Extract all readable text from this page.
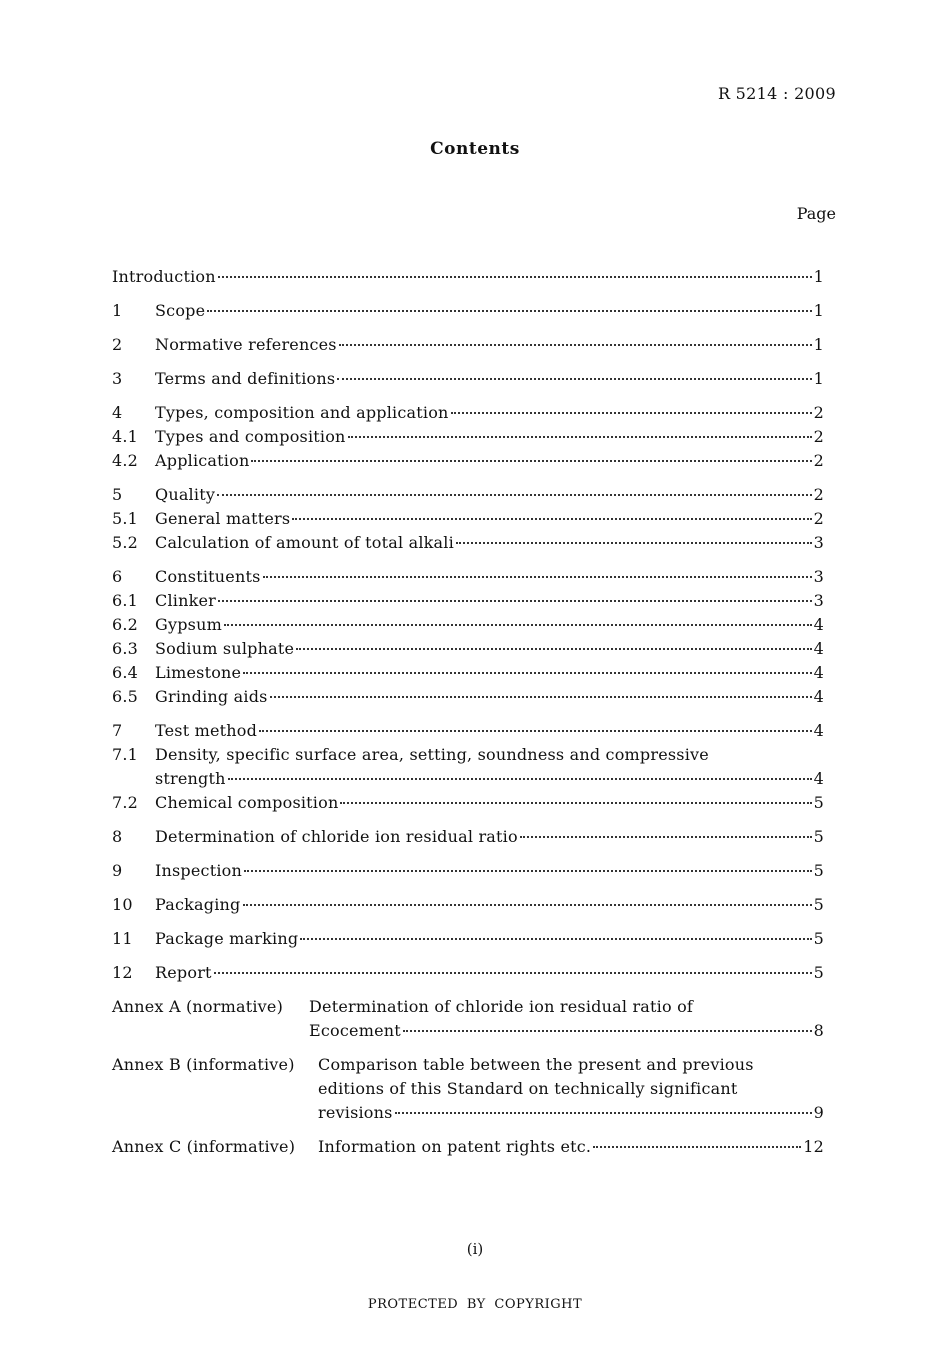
R 5214 : 2009
Contents
Page
Introduction	1
1 Scope	1
2 Normative references	1
3 Terms and definitions	1
4 Types, composition and application	2
4.1 Types and composition	2
4.2 Application	2
5 Quality	2
5.1 General matters	2
5.2 Calculation of amount of total alkali	3
6 Constituents	3
6.1 Clinker	3
6.2 Gypsum	4
6.3 Sodium sulphate	4
6.4 Limestone	4
6.5 Grinding aids	4
7 Test method	4
7.1 Density, specific surface area, setting, soundness and compressive
strength	4
7.2 Chemical composition	5
8 Determination of chloride ion residual ratio	5
9 Inspection	5
10 Packaging	5
11 Package marking	5
12 Report	5
Annex A (normative) Determination of chloride ion residual ratio of
Ecocement	8
Annex B (informative) Comparison table between the present and previous
editions of this Standard on technically significant
revisions	9
Annex C (informative) Information on patent rights etc.	12
(i)
PROTECTED BY COPYRIGHT
